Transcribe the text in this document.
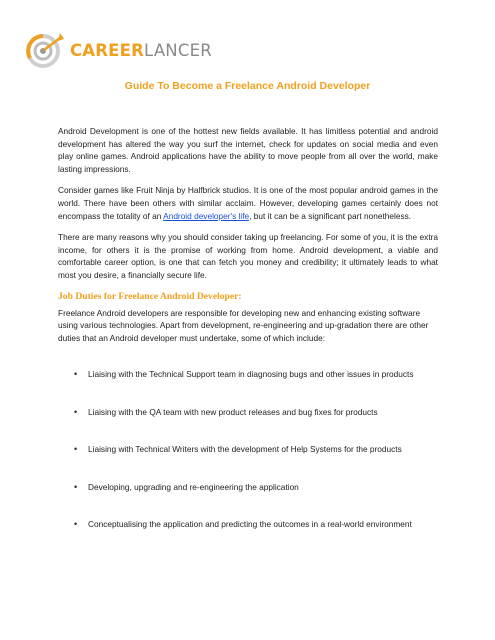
CAREERLANCER
Guide To Become a Freelance Android Developer

Android Development is one of the hottest new fields available. It has limitless potential and android development has altered the way you surf the internet, check for updates on social media and even play online games. Android applications have the ability to move people from all over the world, make lasting impressions.

Consider games like Fruit Ninja by Halfbrick studios. It is one of the most popular android games in the world. There have been others with similar acclaim. However, developing games certainly does not encompass the totality of an Android developer's life, but it can be a significant part nonetheless.

There are many reasons why you should consider taking up freelancing. For some of you, it is the extra income, for others it is the promise of working from home. Android development, a viable and comfortable career option, is one that can fetch you money and credibility; it ultimately leads to what most you desire, a financially secure life.

Job Duties for Freelance Android Developer:

Freelance Android developers are responsible for developing new and enhancing existing software using various technologies. Apart from development, re-engineering and up-gradation there are other duties that an Android developer must undertake, some of which include:

• Liaising with the Technical Support team in diagnosing bugs and other issues in products
• Liaising with the QA team with new product releases and bug fixes for products
• Liaising with Technical Writers with the development of Help Systems for the products
• Developing, upgrading and re-engineering the application
• Conceptualising the application and predicting the outcomes in a real-world environment
